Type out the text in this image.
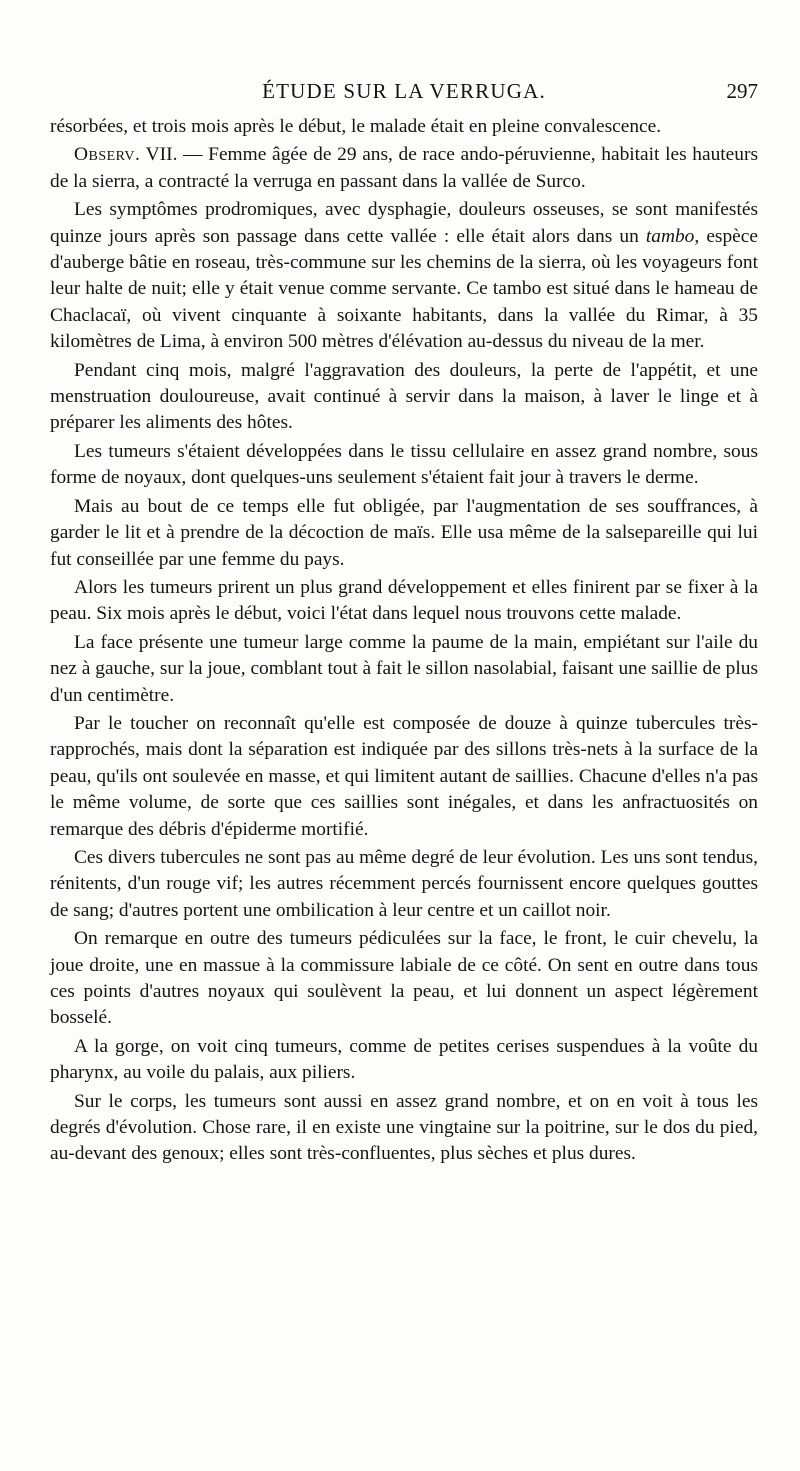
ÉTUDE SUR LA VERRUGA.	297

résorbées, et trois mois après le début, le malade était en pleine convalescence.

Observ. VII. — Femme âgée de 29 ans, de race ando-péruvienne, habitait les hauteurs de la sierra, a contracté la verruga en passant dans la vallée de Surco.

Les symptômes prodromiques, avec dysphagie, douleurs osseuses, se sont manifestés quinze jours après son passage dans cette vallée : elle était alors dans un tambo, espèce d'auberge bâtie en roseau, très-commune sur les chemins de la sierra, où les voyageurs font leur halte de nuit; elle y était venue comme servante. Ce tambo est situé dans le hameau de Chaclacaï, où vivent cinquante à soixante habitants, dans la vallée du Rimar, à 35 kilomètres de Lima, à environ 500 mètres d'élévation au-dessus du niveau de la mer.

Pendant cinq mois, malgré l'aggravation des douleurs, la perte de l'appétit, et une menstruation douloureuse, avait continué à servir dans la maison, à laver le linge et à préparer les aliments des hôtes.

Les tumeurs s'étaient développées dans le tissu cellulaire en assez grand nombre, sous forme de noyaux, dont quelques-uns seulement s'étaient fait jour à travers le derme.

Mais au bout de ce temps elle fut obligée, par l'augmentation de ses souffrances, à garder le lit et à prendre de la décoction de maïs. Elle usa même de la salsepareille qui lui fut conseillée par une femme du pays.

Alors les tumeurs prirent un plus grand développement et elles finirent par se fixer à la peau. Six mois après le début, voici l'état dans lequel nous trouvons cette malade.

La face présente une tumeur large comme la paume de la main, empiétant sur l'aile du nez à gauche, sur la joue, comblant tout à fait le sillon nasolabial, faisant une saillie de plus d'un centimètre.

Par le toucher on reconnaît qu'elle est composée de douze à quinze tubercules très-rapprochés, mais dont la séparation est indiquée par des sillons très-nets à la surface de la peau, qu'ils ont soulevée en masse, et qui limitent autant de saillies. Chacune d'elles n'a pas le même volume, de sorte que ces saillies sont inégales, et dans les anfractuosités on remarque des débris d'épiderme mortifié.

Ces divers tubercules ne sont pas au même degré de leur évolution. Les uns sont tendus, rénitents, d'un rouge vif; les autres récemment percés fournissent encore quelques gouttes de sang; d'autres portent une ombilication à leur centre et un caillot noir.

On remarque en outre des tumeurs pédiculées sur la face, le front, le cuir chevelu, la joue droite, une en massue à la commissure labiale de ce côté. On sent en outre dans tous ces points d'autres noyaux qui soulèvent la peau, et lui donnent un aspect légèrement bosselé.

A la gorge, on voit cinq tumeurs, comme de petites cerises suspendues à la voûte du pharynx, au voile du palais, aux piliers.

Sur le corps, les tumeurs sont aussi en assez grand nombre, et on en voit à tous les degrés d'évolution. Chose rare, il en existe une vingtaine sur la poitrine, sur le dos du pied, au-devant des genoux; elles sont très-confluentes, plus sèches et plus dures.
